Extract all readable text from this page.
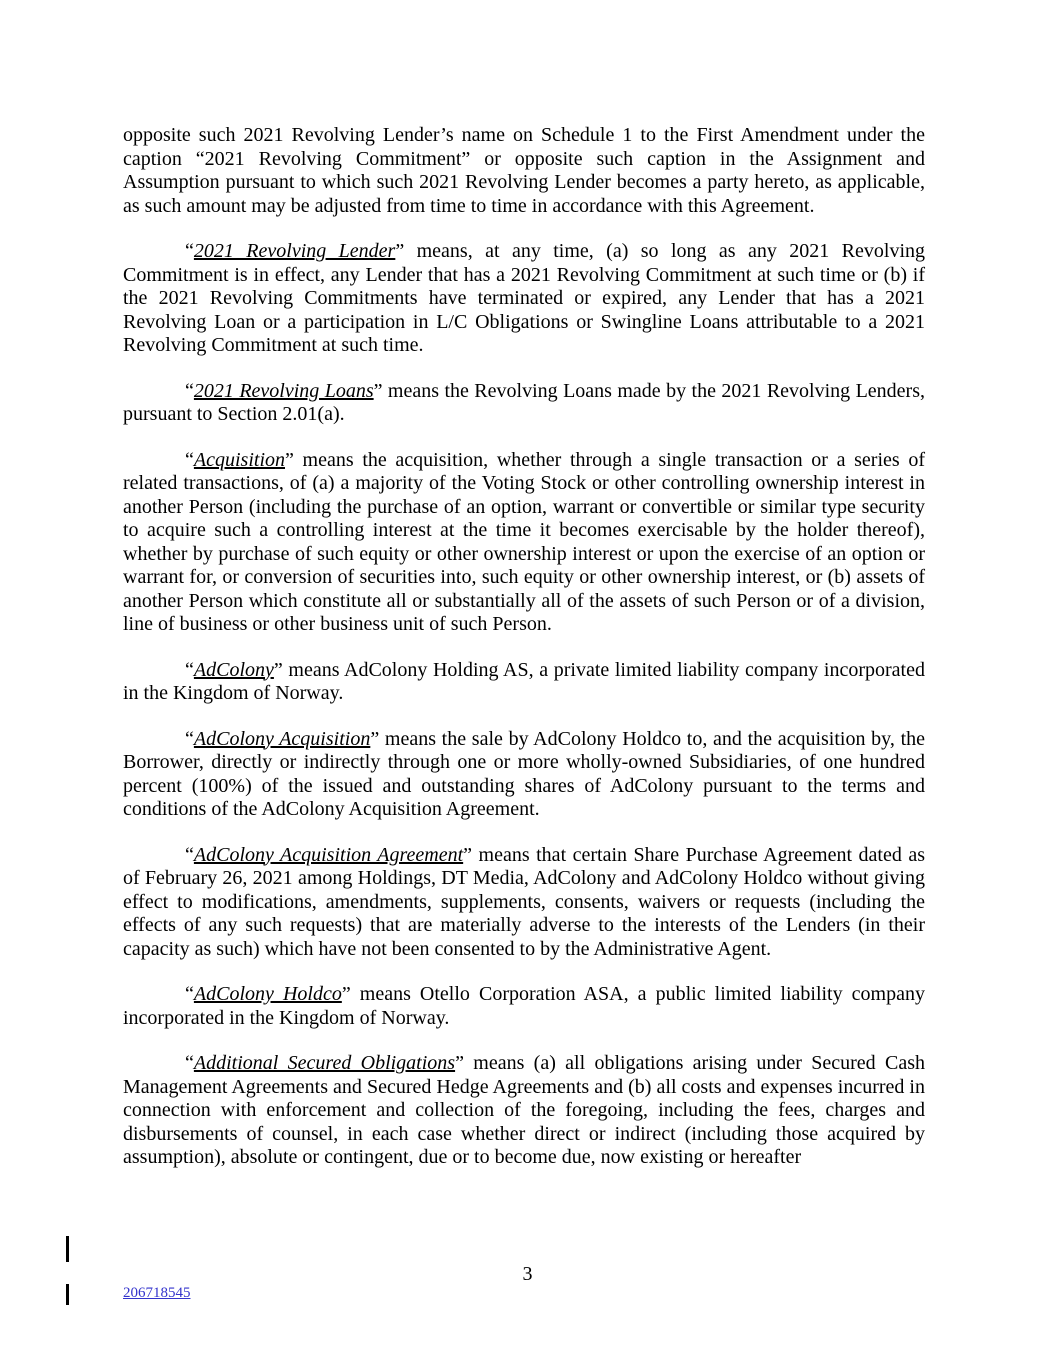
opposite such 2021 Revolving Lender’s name on Schedule 1 to the First Amendment under the caption “2021 Revolving Commitment” or opposite such caption in the Assignment and Assumption pursuant to which such 2021 Revolving Lender becomes a party hereto, as applicable, as such amount may be adjusted from time to time in accordance with this Agreement.

“2021 Revolving Lender” means, at any time, (a) so long as any 2021 Revolving Commitment is in effect, any Lender that has a 2021 Revolving Commitment at such time or (b) if the 2021 Revolving Commitments have terminated or expired, any Lender that has a 2021 Revolving Loan or a participation in L/C Obligations or Swingline Loans attributable to a 2021 Revolving Commitment at such time.

“2021 Revolving Loans” means the Revolving Loans made by the 2021 Revolving Lenders, pursuant to Section 2.01(a).

“Acquisition” means the acquisition, whether through a single transaction or a series of related transactions, of (a) a majority of the Voting Stock or other controlling ownership interest in another Person (including the purchase of an option, warrant or convertible or similar type security to acquire such a controlling interest at the time it becomes exercisable by the holder thereof), whether by purchase of such equity or other ownership interest or upon the exercise of an option or warrant for, or conversion of securities into, such equity or other ownership interest, or (b) assets of another Person which constitute all or substantially all of the assets of such Person or of a division, line of business or other business unit of such Person.

“AdColony” means AdColony Holding AS, a private limited liability company incorporated in the Kingdom of Norway.

“AdColony Acquisition” means the sale by AdColony Holdco to, and the acquisition by, the Borrower, directly or indirectly through one or more wholly-owned Subsidiaries, of one hundred percent (100%) of the issued and outstanding shares of AdColony pursuant to the terms and conditions of the AdColony Acquisition Agreement.

“AdColony Acquisition Agreement” means that certain Share Purchase Agreement dated as of February 26, 2021 among Holdings, DT Media, AdColony and AdColony Holdco without giving effect to modifications, amendments, supplements, consents, waivers or requests (including the effects of any such requests) that are materially adverse to the interests of the Lenders (in their capacity as such) which have not been consented to by the Administrative Agent.

“AdColony Holdco” means Otello Corporation ASA, a public limited liability company incorporated in the Kingdom of Norway.

“Additional Secured Obligations” means (a) all obligations arising under Secured Cash Management Agreements and Secured Hedge Agreements and (b) all costs and expenses incurred in connection with enforcement and collection of the foregoing, including the fees, charges and disbursements of counsel, in each case whether direct or indirect (including those acquired by assumption), absolute or contingent, due or to become due, now existing or hereafter

3
206718545
